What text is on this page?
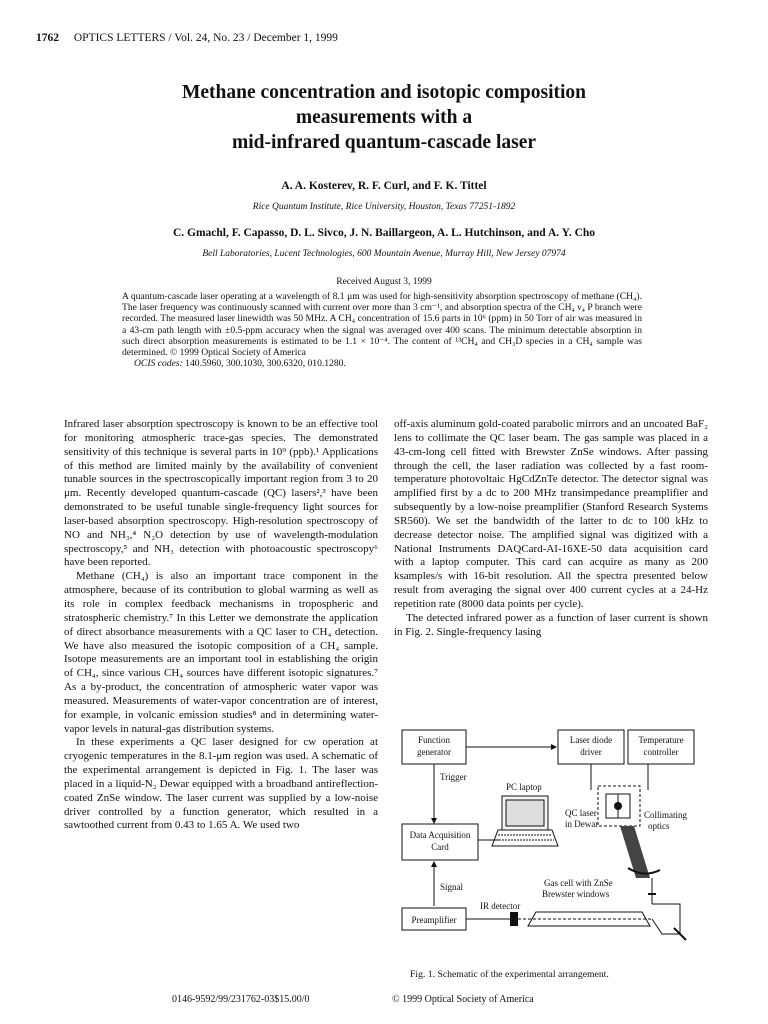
1762 OPTICS LETTERS / Vol. 24, No. 23 / December 1, 1999
Methane concentration and isotopic composition
measurements with a
mid-infrared quantum-cascade laser
A. A. Kosterev, R. F. Curl, and F. K. Tittel
Rice Quantum Institute, Rice University, Houston, Texas 77251-1892
C. Gmachl, F. Capasso, D. L. Sivco, J. N. Baillargeon, A. L. Hutchinson, and A. Y. Cho
Bell Laboratories, Lucent Technologies, 600 Mountain Avenue, Murray Hill, New Jersey 07974
Received August 3, 1999

A quantum-cascade laser operating at a wavelength of 8.1 μm was used for high-sensitivity absorption spectroscopy of methane (CH₄). The laser frequency was continuously scanned with current over more than 3 cm⁻¹, and absorption spectra of the CH₄ ν₄ P branch were recorded. The measured laser linewidth was 50 MHz. A CH₄ concentration of 15.6 parts in 10⁶ (ppm) in 50 Torr of air was measured in a 43-cm path length with ±0.5-ppm accuracy when the signal was averaged over 400 scans. The minimum detectable absorption in such direct absorption measurements is estimated to be 1.1 × 10⁻⁴. The content of ¹³CH₄ and CH₃D species in a CH₄ sample was determined. © 1999 Optical Society of America

OCIS codes: 140.5960, 300.1030, 300.6320, 010.1280.

Infrared laser absorption spectroscopy is known to be an effective tool for monitoring atmospheric trace-gas species. The demonstrated sensitivity of this technique is several parts in 10⁹ (ppb).¹ Applications of this method are limited mainly by the availability of convenient tunable sources in the spectroscopically important region from 3 to 20 μm. Recently developed quantum-cascade (QC) lasers²,³ have been demonstrated to be useful tunable single-frequency light sources for laser-based absorption spectroscopy. High-resolution spectroscopy of NO and NH₃,⁴ N₂O detection by use of wavelength-modulation spectroscopy,⁵ and NH₃ detection with photoacoustic spectroscopy⁶ have been reported.

Methane (CH₄) is also an important trace component in the atmosphere, because of its contribution to global warming as well as its role in complex feedback mechanisms in tropospheric and stratospheric chemistry.⁷ In this Letter we demonstrate the application of direct absorbance measurements with a QC laser to CH₄ detection. We have also measured the isotopic composition of a CH₄ sample. Isotope measurements are an important tool in establishing the origin of CH₄, since various CH₄ sources have different isotopic signatures.⁷ As a by-product, the concentration of atmospheric water vapor was measured. Measurements of water-vapor concentration are of interest, for example, in volcanic emission studies⁸ and in determining water-vapor levels in natural-gas distribution systems.

In these experiments a QC laser designed for cw operation at cryogenic temperatures in the 8.1-μm region was used. A schematic of the experimental arrangement is depicted in Fig. 1. The laser was placed in a liquid-N₂ Dewar equipped with a broadband antireflection-coated ZnSe window. The laser current was supplied by a low-noise driver controlled by a function generator, which resulted in a sawtoothed current from 0.43 to 1.65 A. We used two

off-axis aluminum gold-coated parabolic mirrors and an uncoated BaF₂ lens to collimate the QC laser beam. The gas sample was placed in a 43-cm-long cell fitted with Brewster ZnSe windows. After passing through the cell, the laser radiation was collected by a fast room-temperature photovoltaic HgCdZnTe detector. The detector signal was amplified first by a dc to 200 MHz transimpedance preamplifier and subsequently by a low-noise preamplifier (Stanford Research Systems SR560). We set the bandwidth of the latter to dc to 100 kHz to decrease detector noise. The amplified signal was digitized with a National Instruments DAQCard-AI-16XE-50 data acquisition card with a laptop computer. This card can acquire as many as 200 ksamples/s with 16-bit resolution. All the spectra presented below result from averaging the signal over 400 current cycles at a 24-Hz repetition rate (8000 data points per cycle).

The detected infrared power as a function of laser current is shown in Fig. 2. Single-frequency lasing

Function
generator
Laser diode
driver
Temperature
controller
Trigger
QC laser
in Dewar
Collimating
optics
PC laptop
Data Acquisition
Card
Signal
Preamplifier
IR detector
Gas cell with ZnSe
Brewster windows
Fig. 1. Schematic of the experimental arrangement.
0146-9592/99/231762-03$15.00/0	© 1999 Optical Society of America
